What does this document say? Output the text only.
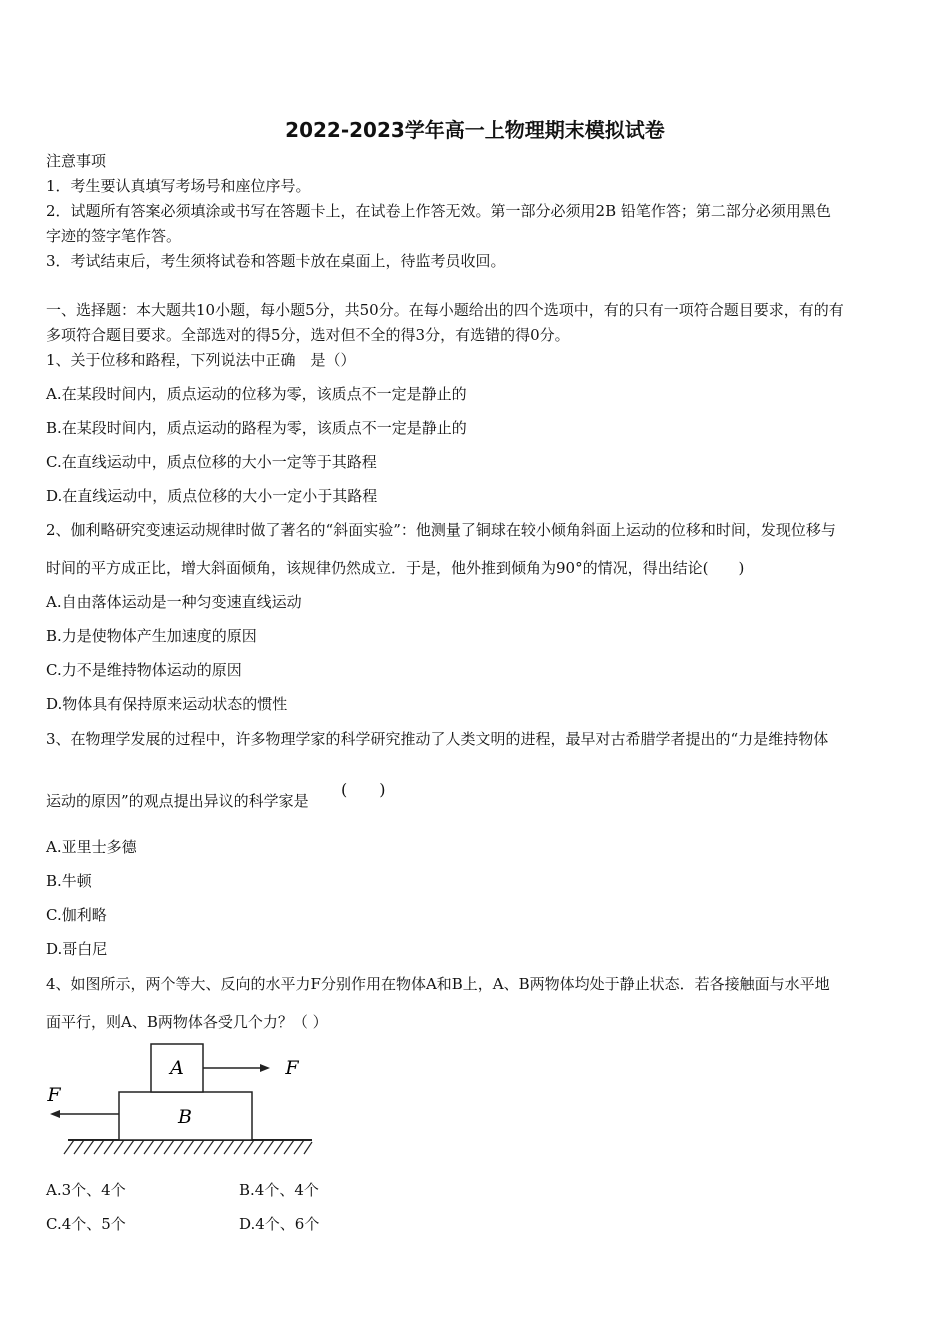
2022-2023学年高一上物理期末模拟试卷
注意事项
1．考生要认真填写考场号和座位序号。
2．试题所有答案必须填涂或书写在答题卡上，在试卷上作答无效。第一部分必须用2B 铅笔作答；第二部分必须用黑色
字迹的签字笔作答。
3．考试结束后，考生须将试卷和答题卡放在桌面上，待监考员收回。
一、选择题：本大题共10小题，每小题5分，共50分。在每小题给出的四个选项中，有的只有一项符合题目要求，有的有
多项符合题目要求。全部选对的得5分，选对但不全的得3分，有选错的得0分。
1、关于位移和路程，下列说法中正确　是（）
A.在某段时间内，质点运动的位移为零，该质点不一定是静止的
B.在某段时间内，质点运动的路程为零，该质点不一定是静止的
C.在直线运动中，质点位移的大小一定等于其路程
D.在直线运动中，质点位移的大小一定小于其路程
2、伽利略研究变速运动规律时做了著名的“斜面实验”：他测量了铜球在较小倾角斜面上运动的位移和时间，发现位移与
时间的平方成正比，增大斜面倾角，该规律仍然成立．于是，他外推到倾角为90°的情况，得出结论(　　)
A.自由落体运动是一种匀变速直线运动
B.力是使物体产生加速度的原因
C.力不是维持物体运动的原因
D.物体具有保持原来运动状态的惯性
3、在物理学发展的过程中，许多物理学家的科学研究推动了人类文明的进程，最早对古希腊学者提出的“力是维持物体
运动的原因”的观点提出异议的科学家是
(　　)
A.亚里士多德
B.牛顿
C.伽利略
D.哥白尼
4、如图所示，两个等大、反向的水平力F分别作用在物体A和B上，A、B两物体均处于静止状态．若各接触面与水平地
面平行，则A、B两物体各受几个力？（ ）
B
A	F
F
A.3个、4个	B.4个、4个
C.4个、5个	D.4个、6个
